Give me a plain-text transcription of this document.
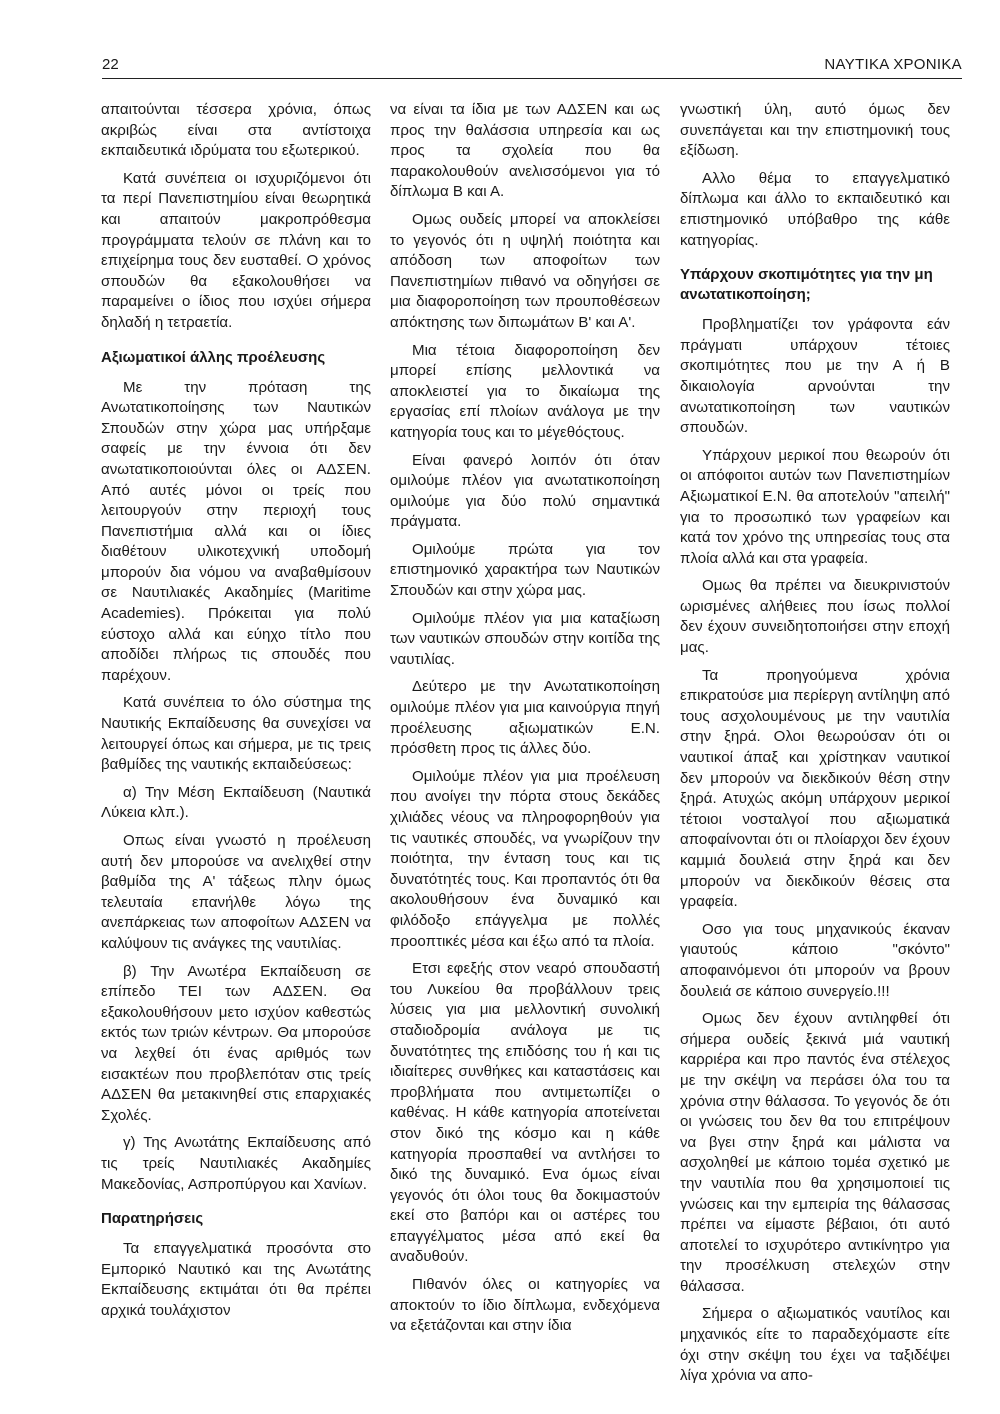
22	ΝΑΥΤΙΚΑ ΧΡΟΝΙΚΑ

απαιτούνται τέσσερα χρόνια, όπως ακριβώς είναι στα αντίστοιχα εκπαιδευτικά ιδρύματα του εξωτερικού.

Κατά συνέπεια οι ισχυριζόμενοι ότι τα περί Πανεπιστημίου είναι θεωρητικά και απαιτούν μακροπρόθεσμα προγράμματα τελούν σε πλάνη και το επιχείρημα τους δεν ευσταθεί. Ο χρόνος σπουδών θα εξακολουθήσει να παραμείνει ο ίδιος που ισχύει σήμερα δηλαδή η τετραετία.

Αξιωματικοί άλλης προέλευσης

Με την πρόταση της Ανωτατικοποίησης των Ναυτικών Σπουδών στην χώρα μας υπήρξαμε σαφείς με την έννοια ότι δεν ανωτατικοποιούνται όλες οι ΑΔΣΕΝ. Από αυτές μόνοι οι τρείς που λειτουργούν στην περιοχή τους Πανεπιστήμια αλλά και οι ίδιες διαθέτουν υλικοτεχνική υποδομή μπορούν δια νόμου να αναβαθμίσουν σε Ναυτιλιακές Ακαδημίες (Maritime Academies). Πρόκειται για πολύ εύστοχο αλλά και εύηχο τίτλο που αποδίδει πλήρως τις σπουδές που παρέχουν.

Κατά συνέπεια το όλο σύστημα της Ναυτικής Εκπαίδευσης θα συνεχίσει να λειτουργεί όπως και σήμερα, με τις τρεις βαθμίδες της ναυτικής εκπαιδεύσεως:

α) Την Μέση Εκπαίδευση (Ναυτικά Λύκεια κλπ.).

Οπως είναι γνωστό η προέλευση αυτή δεν μπορούσε να ανελιχθεί στην βαθμίδα της Α' τάξεως πλην όμως τελευταία επανήλθε λόγω της ανεπάρκειας των αποφοίτων ΑΔΣΕΝ να καλύψουν τις ανάγκες της ναυτιλίας.

β) Την Ανωτέρα Εκπαίδευση σε επίπεδο ΤΕΙ των ΑΔΣΕΝ. Θα εξακολουθήσουν μετο ισχύον καθεστώς εκτός των τριών κέντρων. Θα μπορούσε να λεχθεί ότι ένας αριθμός των εισακτέων που προβλεπόταν στις τρείς ΑΔΣΕΝ θα μετακινηθεί στις επαρχιακές Σχολές.

γ) Της Ανωτάτης Εκπαίδευσης από τις τρείς Ναυτιλιακές Ακαδημίες Μακεδονίας, Ασπροπύργου και Χανίων.

Παρατηρήσεις

Τα επαγγελματικά προσόντα στο Εμπορικό Ναυτικό και της Ανωτάτης Εκπαίδευσης εκτιμάται ότι θα πρέπει αρχικά τουλάχιστον

να είναι τα ίδια με των ΑΔΣΕΝ και ως προς την θαλάσσια υπηρεσία και ως προς τα σχολεία που θα παρακολουθούν ανελισσόμενοι για τό δίπλωμα Β και Α.

Ομως ουδείς μπορεί να αποκλείσει το γεγονός ότι η υψηλή ποιότητα και απόδοση των αποφοίτων των Πανεπιστημίων πιθανό να οδηγήσει σε μια διαφοροποίηση των προυποθέσεων απόκτησης των διπωμάτων Β' και Α'.

Μια τέτοια διαφοροποίηση δεν μπορεί επίσης μελλοντικά να αποκλειστεί για το δικαίωμα της εργασίας επί πλοίων ανάλογα με την κατηγορία τους και το μέγεθόςτους.

Είναι φανερό λοιπόν ότι όταν ομιλούμε πλέον για ανωτατικοποίηση ομιλούμε για δύο πολύ σημαντικά πράγματα.

Ομιλούμε πρώτα για τον επιστημονικό χαρακτήρα των Ναυτικών Σπουδών και στην χώρα μας.

Ομιλούμε πλέον για μια καταξίωση των ναυτικών σπουδών στην κοιτίδα της ναυτιλίας.

Δεύτερο με την Ανωτατικοποίηση ομιλούμε πλέον για μια καινούργια πηγή προέλευσης αξιωματικών Ε.Ν. πρόσθετη προς τις άλλες δύο.

Ομιλούμε πλέον για μια προέλευση που ανοίγει την πόρτα στους δεκάδες χιλιάδες νέους να πληροφορηθούν για τις ναυτικές σπουδές, να γνωρίζουν την ποιότητα, την ένταση τους και τις δυνατότητές τους. Και προπαντός ότι θα ακολουθήσουν ένα δυναμικό και φιλόδοξο επάγγελμα με πολλές προοπτικές μέσα και έξω από τα πλοία.

Ετσι εφεξής στον νεαρό σπουδαστή του Λυκείου θα προβάλλουν τρεις λύσεις για μια μελλοντική συνολική σταδιοδρομία ανάλογα με τις δυνατότητες της επιδόσης του ή και τις ιδιαίτερες συνθήκες και καταστάσεις και προβλήματα που αντιμετωπίζει ο καθένας. Η κάθε κατηγορία αποτείνεται στον δικό της κόσμο και η κάθε κατηγορία προσπαθεί να αντλήσει το δικό της δυναμικό. Ενα όμως είναι γεγονός ότι όλοι τους θα δοκιμαστούν εκεί στο βαπόρι και οι αστέρες του επαγγέλματος μέσα από εκεί θα αναδυθούν.

Πιθανόν όλες οι κατηγορίες να αποκτούν το ίδιο δίπλωμα, ενδεχόμενα να εξετάζονται και στην ίδια

γνωστική ύλη, αυτό όμως δεν συνεπάγεται και την επιστημονική τους εξίδωση.

Αλλο θέμα το επαγγελματικό δίπλωμα και άλλο το εκπαιδευτικό και επιστημονικό υπόβαθρο της κάθε κατηγορίας.

Υπάρχουν σκοπιμότητες για την μη ανωτατικοποίηση;

Προβληματίζει τον γράφοντα εάν πράγματι υπάρχουν τέτοιες σκοπιμότητες που με την Α ή Β δικαιολογία αρνούνται την ανωτατικοποίηση των ναυτικών σπουδών.

Υπάρχουν μερικοί που θεωρούν ότι οι απόφοιτοι αυτών των Πανεπιστημίων Αξιωματικοί Ε.Ν. θα αποτελούν "απειλή" για το προσωπικό των γραφείων και κατά τον χρόνο της υπηρεσίας τους στα πλοία αλλά και στα γραφεία.

Ομως θα πρέπει να διευκρινιστούν ωρισμένες αλήθειες που ίσως πολλοί δεν έχουν συνειδητοποιήσει στην εποχή μας.

Τα προηγούμενα χρόνια επικρατούσε μια περίεργη αντίληψη από τους ασχολουμένους με την ναυτιλία στην ξηρά. Ολοι θεωρούσαν ότι οι ναυτικοί άπαξ και χρίστηκαν ναυτικοί δεν μπορούν να διεκδικούν θέση στην ξηρά. Ατυχώς ακόμη υπάρχουν μερικοί τέτοιοι νοσταλγοί που αξιωματικά αποφαίνονται ότι οι πλοίαρχοι δεν έχουν καμμιά δουλειά στην ξηρά και δεν μπορούν να διεκδικούν θέσεις στα γραφεία.

Οσο για τους μηχανικούς έκαναν γιαυτούς κάποιο "σκόντο" αποφαινόμενοι ότι μπορούν να βρουν δουλειά σε κάποιο συνεργείο.!!!

Ομως δεν έχουν αντιληφθεί ότι σήμερα ουδείς ξεκινά μιά ναυτική καρριέρα και προ παντός ένα στέλεχος με την σκέψη να περάσει όλα του τα χρόνια στην θάλασσα. Το γεγονός δε ότι οι γνώσεις του δεν θα του επιτρέψουν να βγει στην ξηρά και μάλιστα να ασχοληθεί με κάποιο τομέα σχετικό με την ναυτιλία που θα χρησιμοποιεί τις γνώσεις και την εμπειρία της θάλασσας πρέπει να είμαστε βέβαιοι, ότι αυτό αποτελεί το ισχυρότερο αντικίνητρο για την προσέλκυση στελεχών στην θάλασσα.

Σήμερα ο αξιωματικός ναυτίλος και μηχανικός είτε το παραδεχόμαστε είτε όχι στην σκέψη του έχει να ταξιδέψει λίγα χρόνια να απο-
